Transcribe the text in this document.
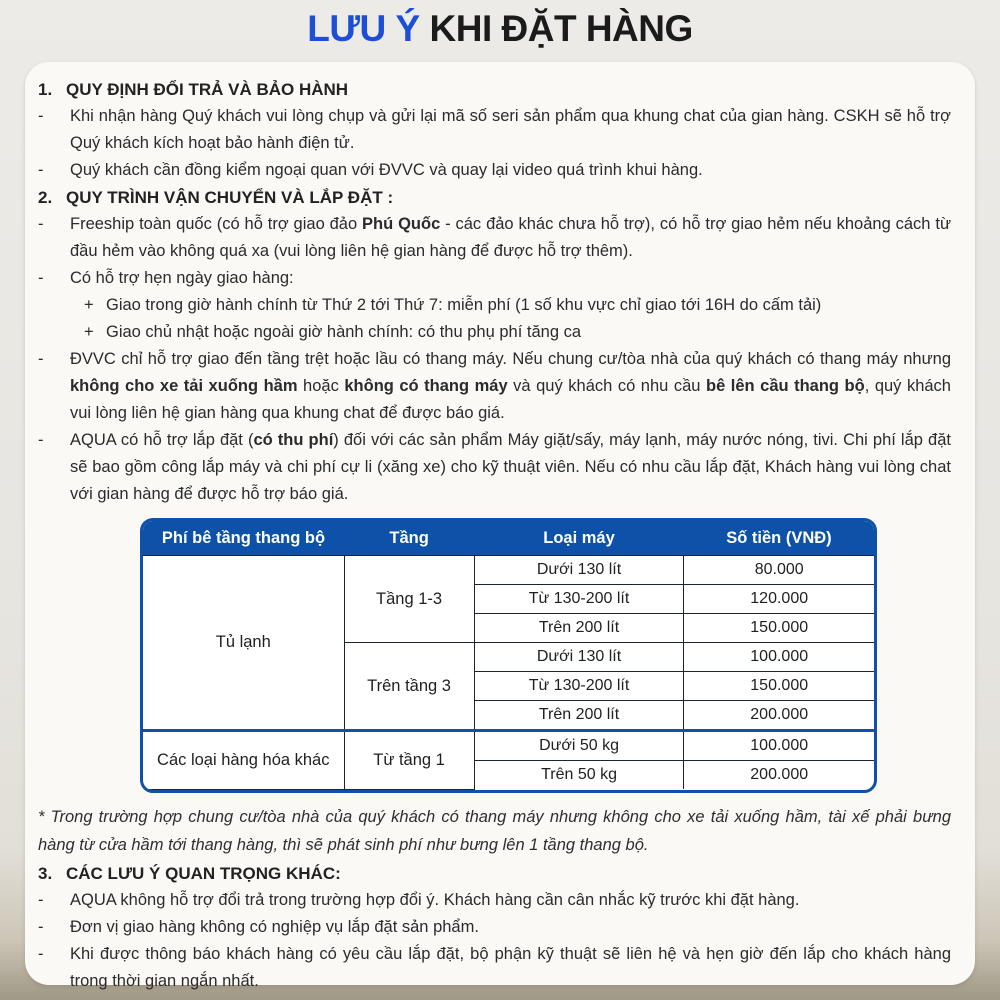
LƯU Ý KHI ĐẶT HÀNG
1. QUY ĐỊNH ĐỔI TRẢ VÀ BẢO HÀNH
-	Khi nhận hàng Quý khách vui lòng chụp và gửi lại mã số seri sản phẩm qua khung chat của gian hàng. CSKH sẽ hỗ trợ Quý khách kích hoạt bảo hành điện tử.
-	Quý khách cần đồng kiểm ngoại quan với ĐVVC và quay lại video quá trình khui hàng.
2. QUY TRÌNH VẬN CHUYỂN VÀ LẮP ĐẶT :
-	Freeship toàn quốc (có hỗ trợ giao đảo Phú Quốc - các đảo khác chưa hỗ trợ), có hỗ trợ giao hẻm nếu khoảng cách từ đầu hẻm vào không quá xa (vui lòng liên hệ gian hàng để được hỗ trợ thêm).
-	Có hỗ trợ hẹn ngày giao hàng:
+ Giao trong giờ hành chính từ Thứ 2 tới Thứ 7: miễn phí (1 số khu vực chỉ giao tới 16H do cấm tải)
+ Giao chủ nhật hoặc ngoài giờ hành chính: có thu phụ phí tăng ca
-	ĐVVC chỉ hỗ trợ giao đến tầng trệt hoặc lầu có thang máy. Nếu chung cư/tòa nhà của quý khách có thang máy nhưng không cho xe tải xuống hầm hoặc không có thang máy và quý khách có nhu cầu bê lên cầu thang bộ, quý khách vui lòng liên hệ gian hàng qua khung chat để được báo giá.
-	AQUA có hỗ trợ lắp đặt (có thu phí) đối với các sản phẩm Máy giặt/sấy, máy lạnh, máy nước nóng, tivi. Chi phí lắp đặt sẽ bao gồm công lắp máy và chi phí cự li (xăng xe) cho kỹ thuật viên. Nếu có nhu cầu lắp đặt, Khách hàng vui lòng chat với gian hàng để được hỗ trợ báo giá.
Phí bê tầng thang bộ	Tầng	Loại máy	Số tiền (VNĐ)
Tủ lạnh	Tầng 1-3	Dưới 130 lít	80.000
		Từ 130-200 lít	120.000
		Trên 200 lít	150.000
	Trên tầng 3	Dưới 130 lít	100.000
		Từ 130-200 lít	150.000
		Trên 200 lít	200.000
Các loại hàng hóa khác	Từ tầng 1	Dưới 50 kg	100.000
		Trên 50 kg	200.000
* Trong trường hợp chung cư/tòa nhà của quý khách có thang máy nhưng không cho xe tải xuống hầm, tài xế phải bưng hàng từ cửa hầm tới thang hàng, thì sẽ phát sinh phí như bưng lên 1 tầng thang bộ.
3. CÁC LƯU Ý QUAN TRỌNG KHÁC:
-	AQUA không hỗ trợ đổi trả trong trường hợp đổi ý. Khách hàng cần cân nhắc kỹ trước khi đặt hàng.
-	Đơn vị giao hàng không có nghiệp vụ lắp đặt sản phẩm.
-	Khi được thông báo khách hàng có yêu cầu lắp đặt, bộ phận kỹ thuật sẽ liên hệ và hẹn giờ đến lắp cho khách hàng trong thời gian ngắn nhất.
